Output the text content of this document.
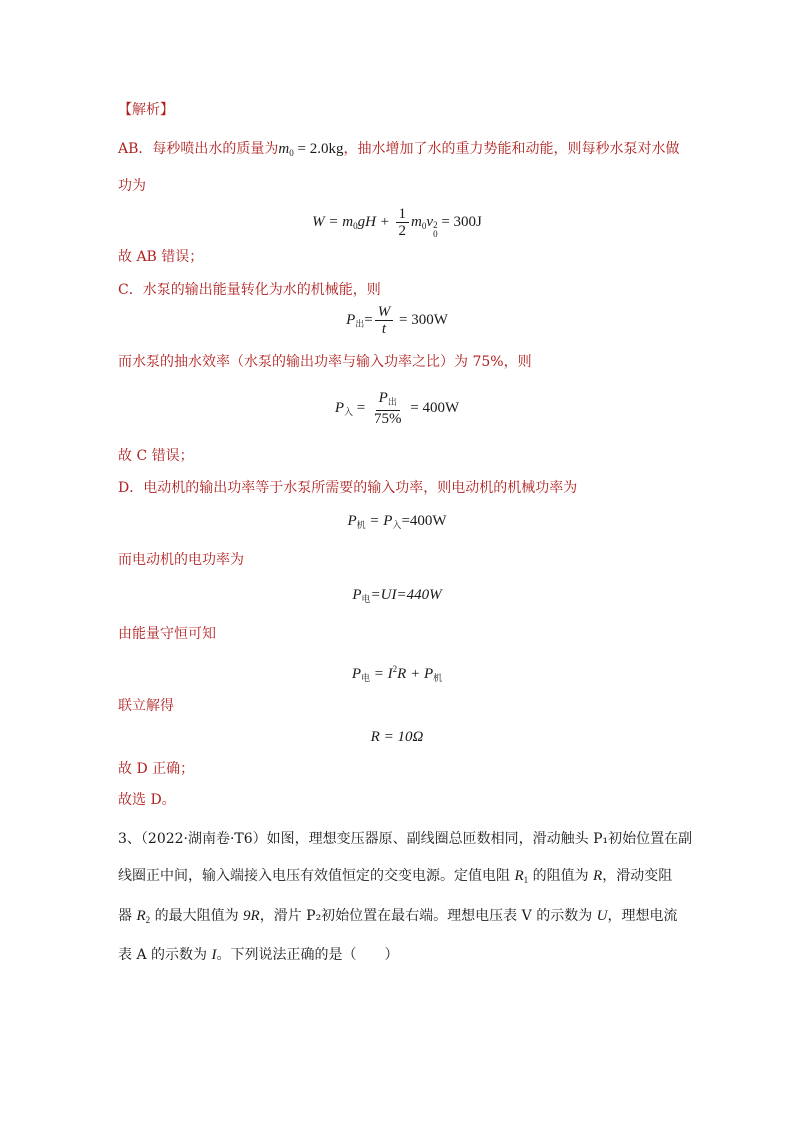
【解析】
AB．每秒喷出水的质量为$m_0 = 2.0kg$，抽水增加了水的重力势能和动能，则每秒水泵对水做
功为
$W = m_0gH + \frac{1}{2} m_0v$ 2
0
= 300J
故 AB 错误；
C．水泵的输出能量转化为水的机械能，则
$P_出= \frac{W}{t} = 300W$
而水泵的抽水效率（水泵的输出功率与输入功率之比）为 75%，则
$P_入 = \frac{P_出}{75\%} = 400W$
故 C 错误；
D．电动机的输出功率等于水泵所需要的输入功率，则电动机的机械功率为
$P_机 = P_入=400W$
而电动机的电功率为
$P_电=UI=440W$
由能量守恒可知
$P_电 = I^2R + P_机$
联立解得
R = 10Ω
故 D 正确；
故选 D。
3、（2022·湖南卷·T6）如图，理想变压器原、副线圈总匝数相同，滑动触头 P₁初始位置在副
线圈正中间，输入端接入电压有效值恒定的交变电源。定值电阻 $R_1$ 的阻值为 R，滑动变阻
器 $R_2$ 的最大阻值为 9R，滑片 P₂初始位置在最右端。理想电压表 V 的示数为 U，理想电流
表 A 的示数为 I。下列说法正确的是（　　）
